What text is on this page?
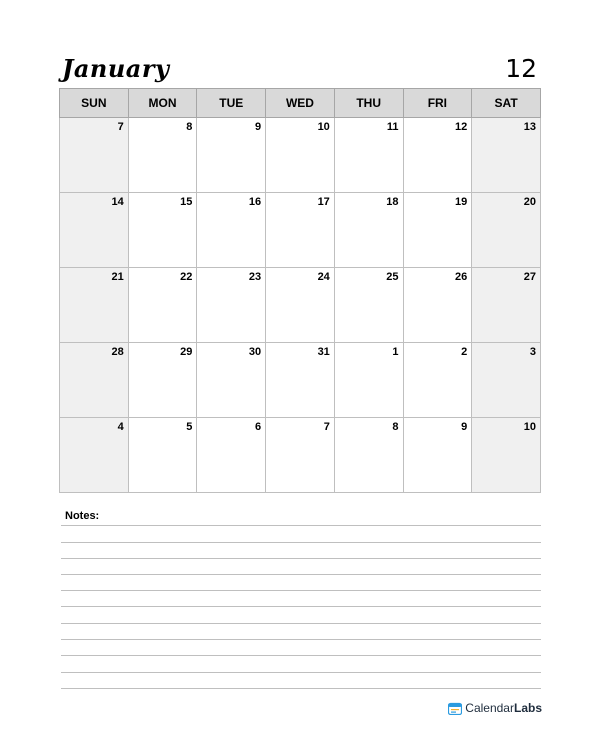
January	12
SUN	MON	TUE	WED	THU	FRI	SAT

7	8	9	10	11	12	13

14	15	16	17	18	19	20

21	22	23	24	25	26	27

28	29	30	31	1	2	3

4	5	6	7	8	9	10
Notes:
CalendarLabs
